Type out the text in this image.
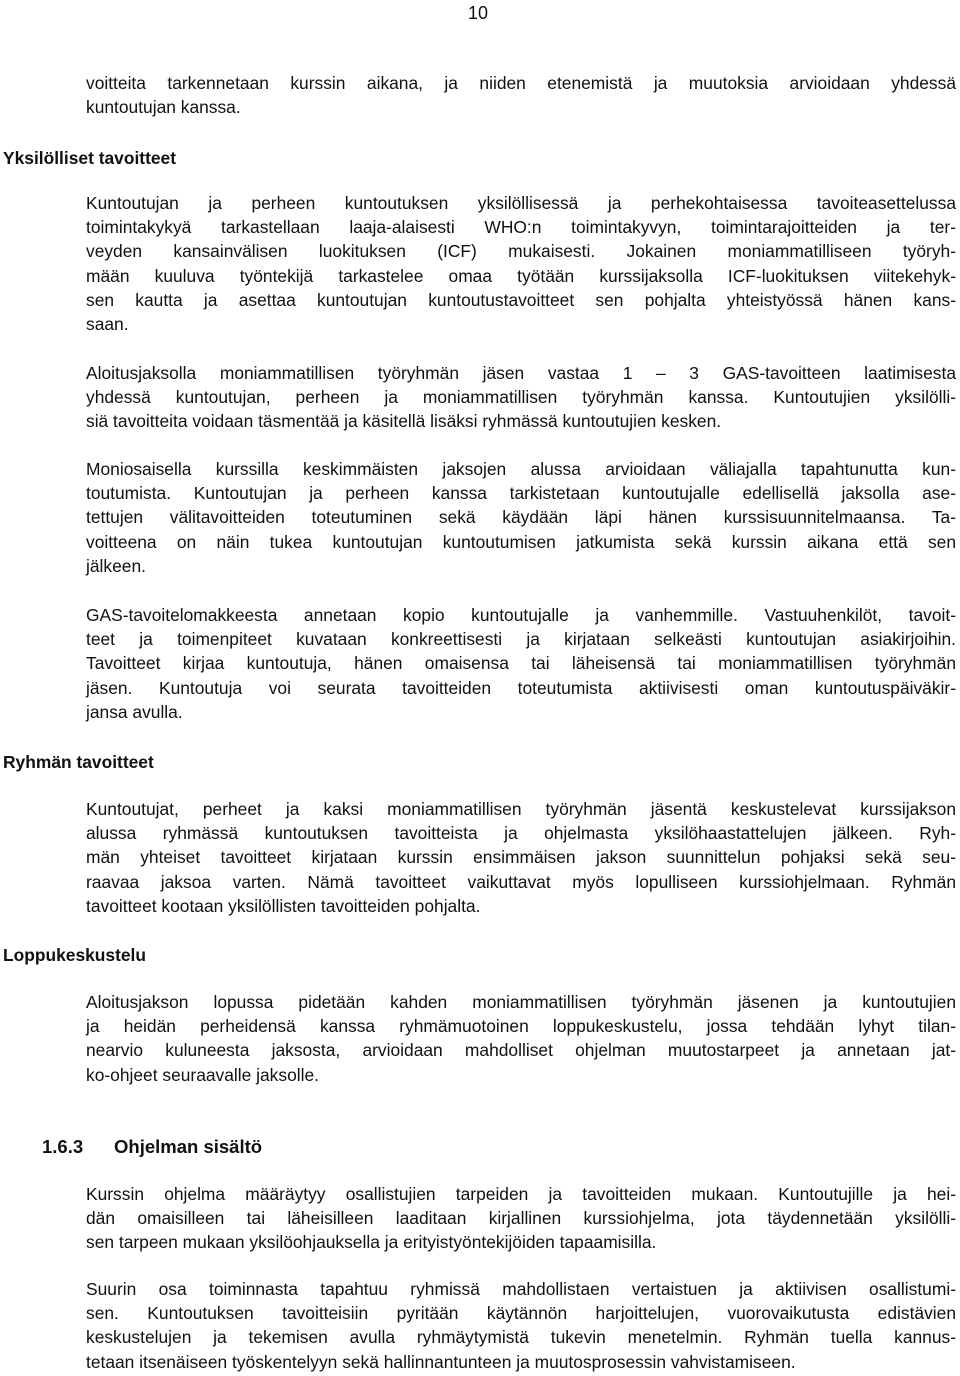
10

voitteita tarkennetaan kurssin aikana, ja niiden etenemistä ja muutoksia arvioidaan yhdessä
kuntoutujan kanssa.

Yksilölliset tavoitteet

Kuntoutujan ja perheen kuntoutuksen yksilöllisessä ja perhekohtaisessa tavoiteasettelussa
toimintakykyä tarkastellaan laaja-alaisesti WHO:n toimintakyvyn, toimintarajoitteiden ja ter-
veyden kansainvälisen luokituksen (ICF) mukaisesti. Jokainen moniammatilliseen työryh-
mään kuuluva työntekijä tarkastelee omaa työtään kurssijaksolla ICF-luokituksen viitekehyk-
sen kautta ja asettaa kuntoutujan kuntoutustavoitteet sen pohjalta yhteistyössä hänen kans-
saan.

Aloitusjaksolla moniammatillisen työryhmän jäsen vastaa 1 – 3 GAS-tavoitteen laatimisesta
yhdessä kuntoutujan, perheen ja moniammatillisen työryhmän kanssa. Kuntoutujien yksilölli-
siä tavoitteita voidaan täsmentää ja käsitellä lisäksi ryhmässä kuntoutujien kesken.

Moniosaisella kurssilla keskimmäisten jaksojen alussa arvioidaan väliajalla tapahtunutta kun-
toutumista. Kuntoutujan ja perheen kanssa tarkistetaan kuntoutujalle edellisellä jaksolla ase-
tettujen välitavoitteiden toteutuminen sekä käydään läpi hänen kurssisuunnitelmaansa. Ta-
voitteena on näin tukea kuntoutujan kuntoutumisen jatkumista sekä kurssin aikana että sen
jälkeen.

GAS-tavoitelomakkeesta annetaan kopio kuntoutujalle ja vanhemmille. Vastuuhenkilöt, tavoit-
teet ja toimenpiteet kuvataan konkreettisesti ja kirjataan selkeästi kuntoutujan asiakirjoihin.
Tavoitteet kirjaa kuntoutuja, hänen omaisensa tai läheisensä tai moniammatillisen työryhmän
jäsen. Kuntoutuja voi seurata tavoitteiden toteutumista aktiivisesti oman kuntoutuspäiväkir-
jansa avulla.

Ryhmän tavoitteet

Kuntoutujat, perheet ja kaksi moniammatillisen työryhmän jäsentä keskustelevat kurssijakson
alussa ryhmässä kuntoutuksen tavoitteista ja ohjelmasta yksilöhaastattelujen jälkeen. Ryh-
män yhteiset tavoitteet kirjataan kurssin ensimmäisen jakson suunnittelun pohjaksi sekä seu-
raavaa jaksoa varten. Nämä tavoitteet vaikuttavat myös lopulliseen kurssiohjelmaan. Ryhmän
tavoitteet kootaan yksilöllisten tavoitteiden pohjalta.

Loppukeskustelu

Aloitusjakson lopussa pidetään kahden moniammatillisen työryhmän jäsenen ja kuntoutujien
ja heidän perheidensä kanssa ryhmämuotoinen loppukeskustelu, jossa tehdään lyhyt tilan-
nearvio kuluneesta jaksosta, arvioidaan mahdolliset ohjelman muutostarpeet ja annetaan jat-
ko-ohjeet seuraavalle jaksolle.

1.6.3 Ohjelman sisältö

Kurssin ohjelma määräytyy osallistujien tarpeiden ja tavoitteiden mukaan. Kuntoutujille ja hei-
dän omaisilleen tai läheisilleen laaditaan kirjallinen kurssiohjelma, jota täydennetään yksilölli-
sen tarpeen mukaan yksilöohjauksella ja erityistyöntekijöiden tapaamisilla.

Suurin osa toiminnasta tapahtuu ryhmissä mahdollistaen vertaistuen ja aktiivisen osallistumi-
sen. Kuntoutuksen tavoitteisiin pyritään käytännön harjoittelujen, vuorovaikutusta edistävien
keskustelujen ja tekemisen avulla ryhmäytymistä tukevin menetelmin. Ryhmän tuella kannus-
tetaan itsenäiseen työskentelyyn sekä hallinnantunteen ja muutosprosessin vahvistamiseen.
